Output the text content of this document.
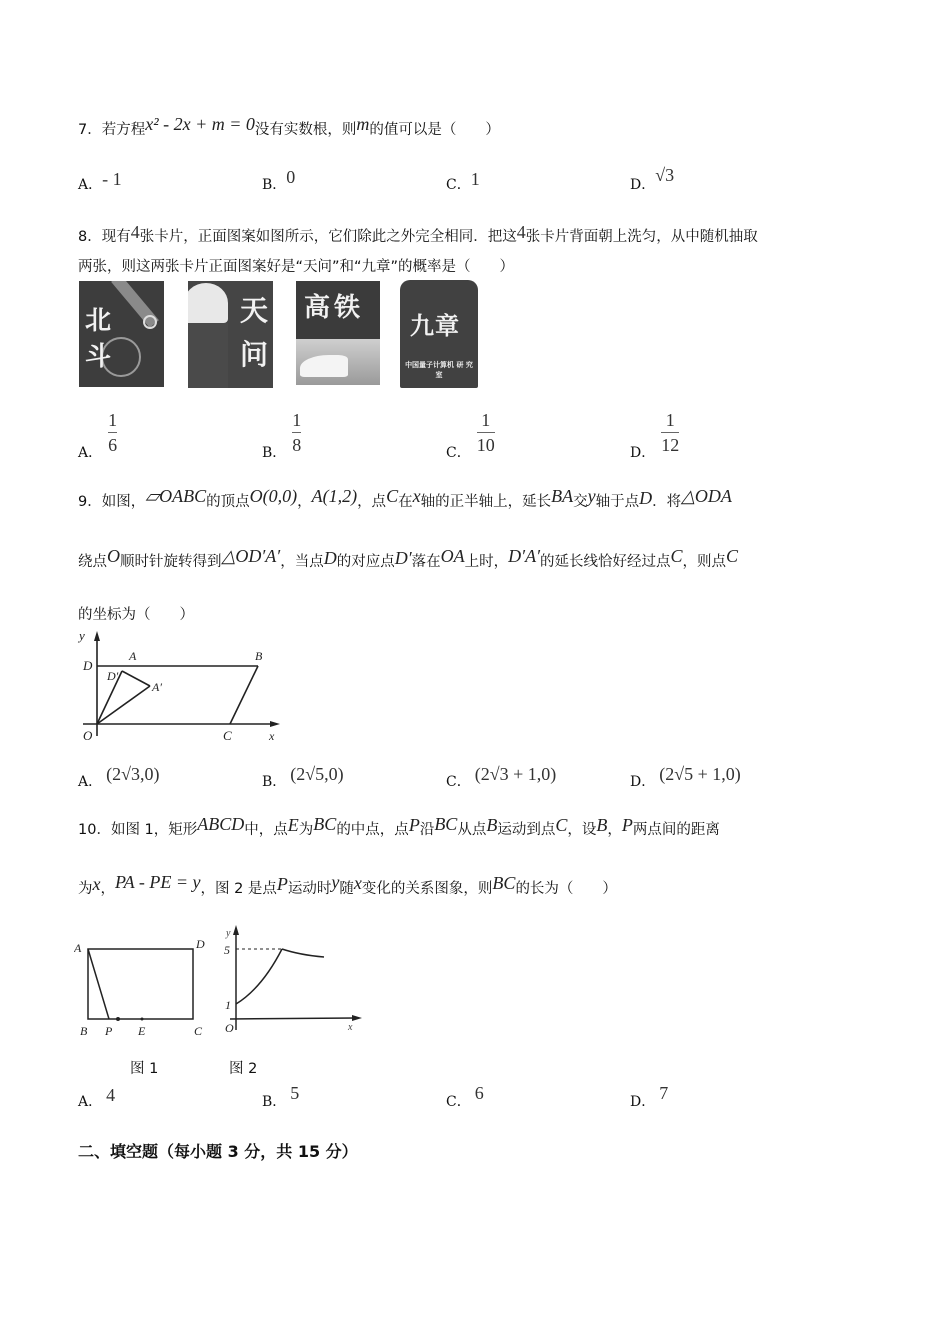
7．若方程x² - 2x + m = 0没有实数根，则m的值可以是（　　）
A．- 1	B．0	C．1	D．√3
8．现有4张卡片，正面图案如图所示，它们除此之外完全相同．把这4张卡片背面朝上洗匀，从中随机抽取
两张，则这两张卡片正面图案好是“天问”和“九章”的概率是（　　）
北斗
天问
高铁
九章
中国量子计算机 研 究 室
A． $\frac{1}{6}$	B． $\frac{1}{8}$	C． $\frac{1}{10}$	D． $\frac{1}{12}$
9．如图，▱OABC的顶点O(0,0)，A(1,2)，点C在x轴的正半轴上，延长BA交y轴于点D．将△ODA
绕点O顺时针旋转得到△OD′A′，当点D的对应点D′落在OA上时，D′A′的延长线恰好经过点C，则点C
的坐标为（　　）
y
D
A	B
D′
A′
O	C	x
A． (2√3,0)	B． (2√5,0)	C． (2√3 + 1,0)	D． (2√5 + 1,0)
10．如图 1，矩形ABCD中，点E为BC的中点，点P沿BC从点B运动到点C，设B，P两点间的距离
为x，PA - PE = y，图 2 是点P运动时y随x变化的关系图象，则BC的长为（　　）
A	D
B P E	C
y
5
1
O	x
图 1	图 2
A． 4	B． 5	C． 6	D． 7
二、填空题（每小题 3 分，共 15 分）
